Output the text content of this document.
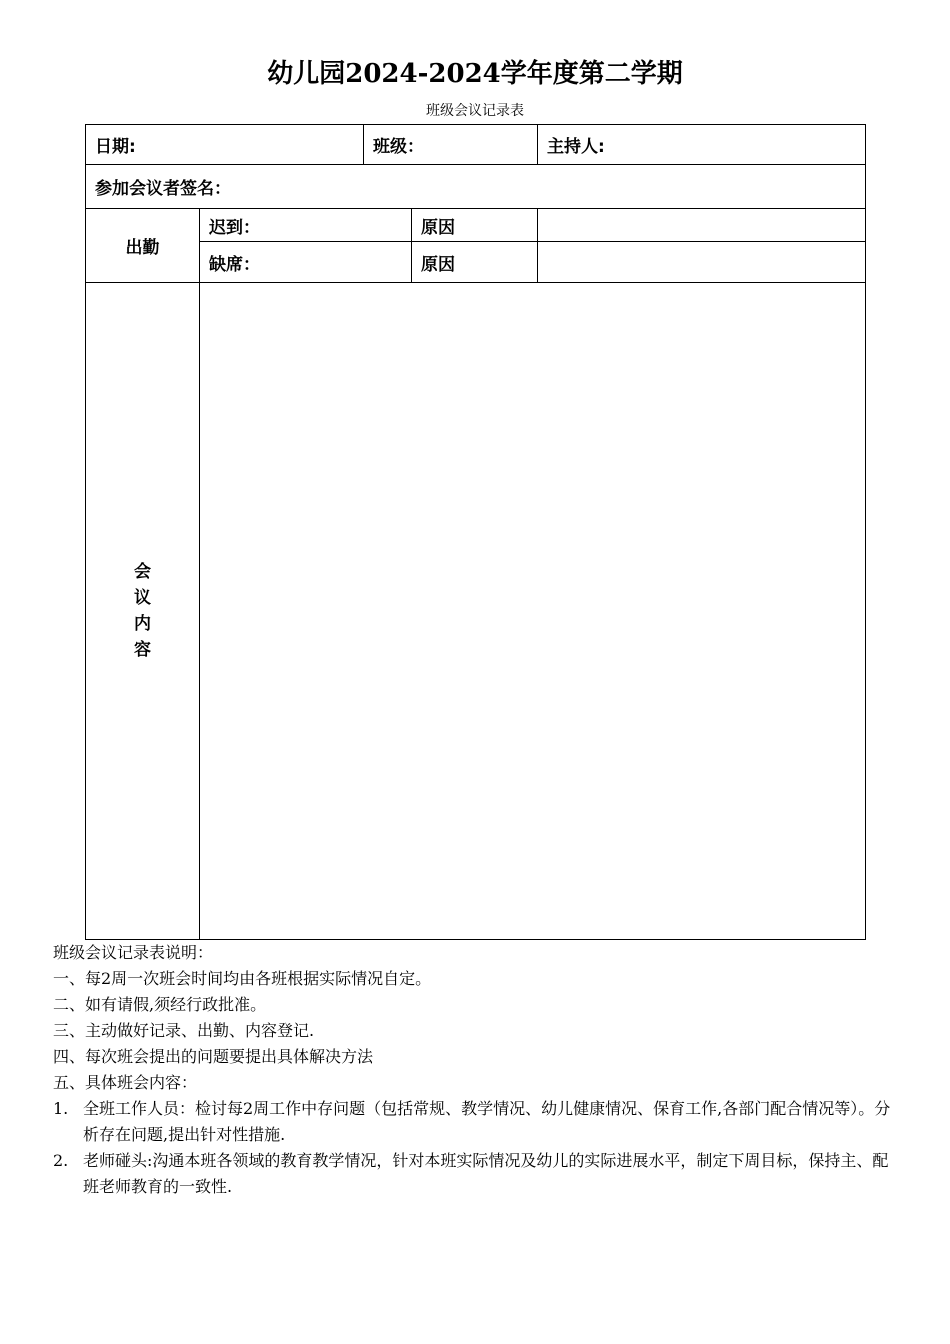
幼儿园2024-2024学年度第二学期
班级会议记录表
日期:		班级：		主持人:
参加会议者签名：				
出勤	迟到：		原因	
	缺席：		原因	
会议内容				
班级会议记录表说明：
一、每2周一次班会时间均由各班根据实际情况自定。
二、如有请假,须经行政批准。
三、主动做好记录、出勤、内容登记.
四、每次班会提出的问题要提出具体解决方法
五、具体班会内容：
1. 全班工作人员：检讨每2周工作中存问题（包括常规、教学情况、幼儿健康情况、保育工作,各部门配合情况等）。分析存在问题,提出针对性措施.
2. 老师碰头:沟通本班各领域的教育教学情况，针对本班实际情况及幼儿的实际进展水平，制定下周目标，保持主、配班老师教育的一致性.
